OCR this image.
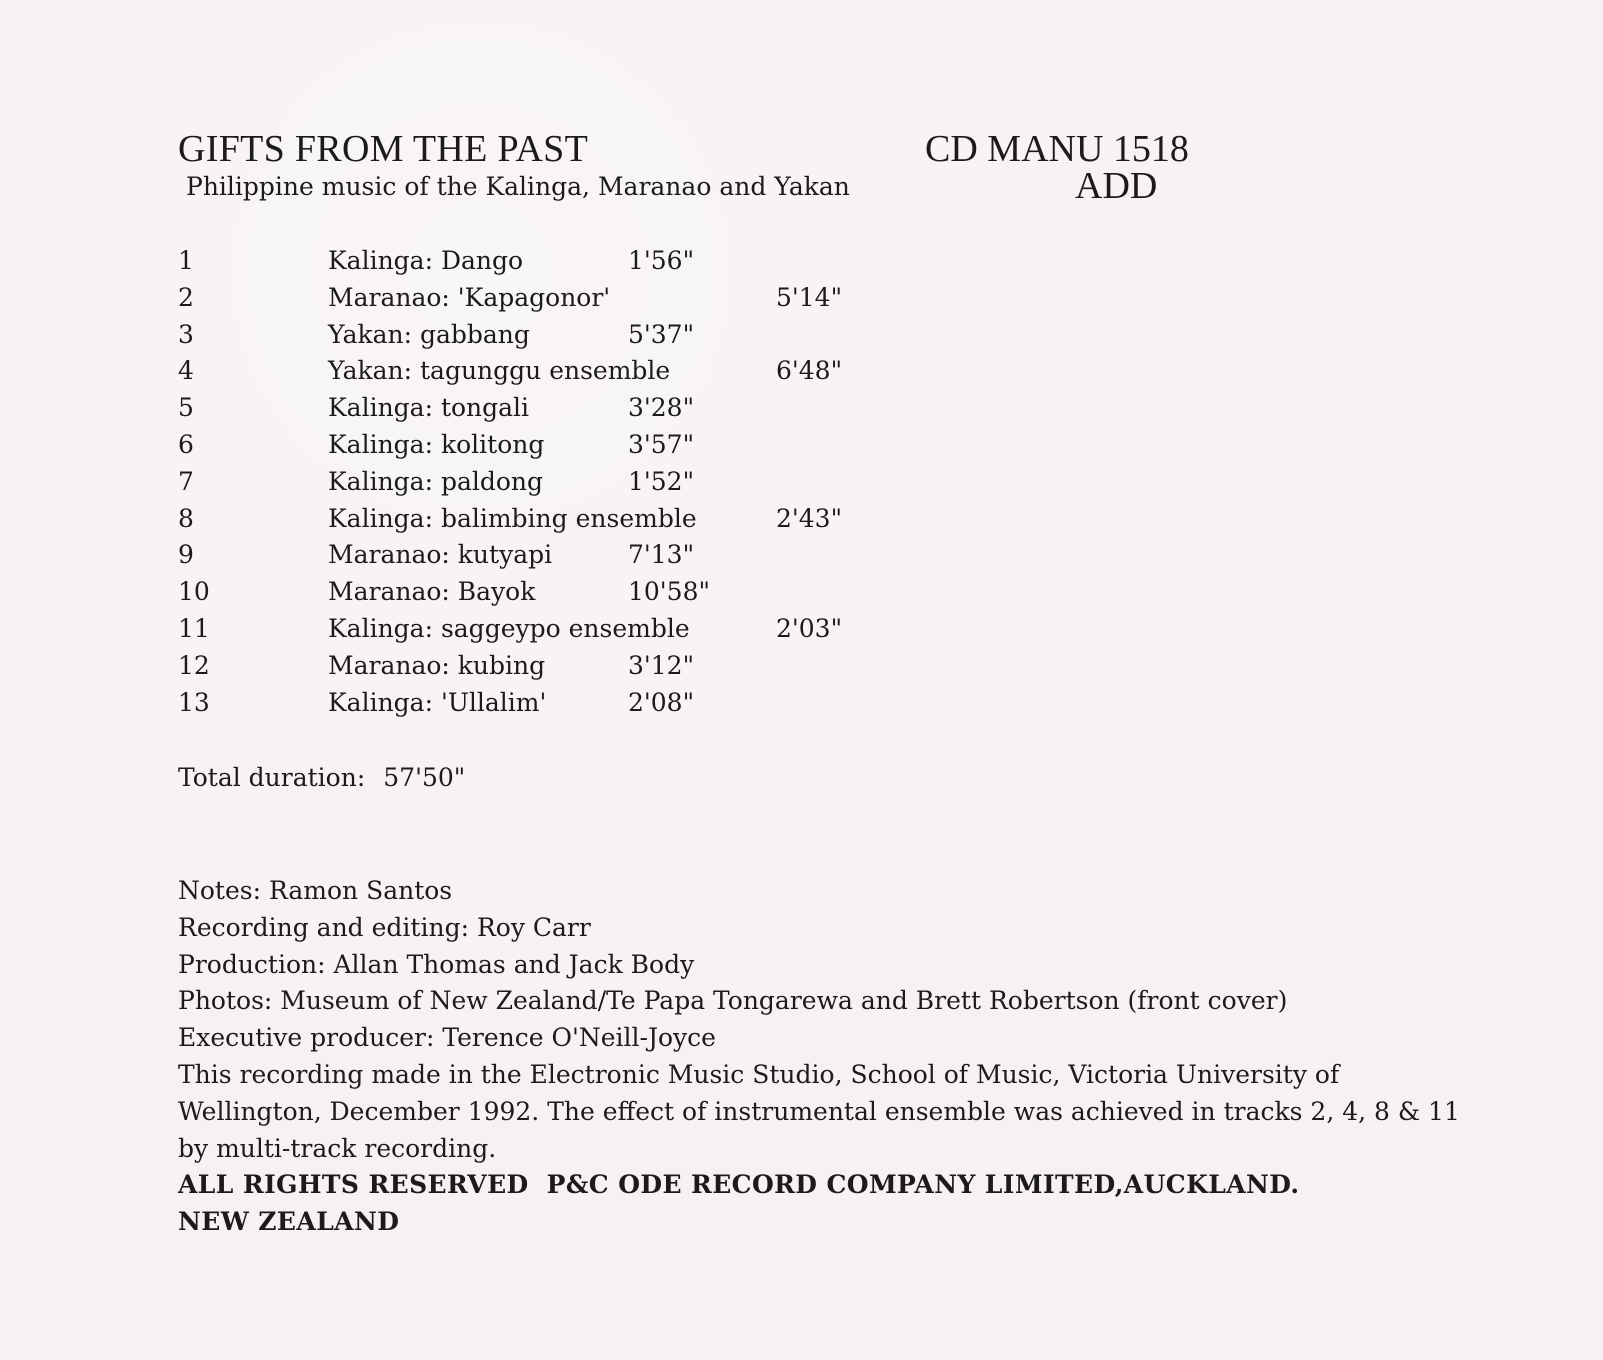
GIFTS FROM THE PAST
Philippine music of the Kalinga, Maranao and Yakan
CD MANU 1518
ADD
1	Kalinga: Dango	1'56"
2	Maranao: 'Kapagonor'	5'14"
3	Yakan: gabbang	5'37"
4	Yakan: tagunggu ensemble	6'48"
5	Kalinga: tongali	3'28"
6	Kalinga: kolitong	3'57"
7	Kalinga: paldong	1'52"
8	Kalinga: balimbing ensemble	2'43"
9	Maranao: kutyapi	7'13"
10	Maranao: Bayok	10'58"
11	Kalinga: saggeypo ensemble	2'03"
12	Maranao: kubing	3'12"
13	Kalinga: 'Ullalim'	2'08"
Total duration: 57'50"
Notes: Ramon Santos
Recording and editing: Roy Carr
Production: Allan Thomas and Jack Body
Photos: Museum of New Zealand/Te Papa Tongarewa and Brett Robertson (front cover)
Executive producer: Terence O'Neill-Joyce
This recording made in the Electronic Music Studio, School of Music, Victoria University of Wellington, December 1992. The effect of instrumental ensemble was achieved in tracks 2, 4, 8 & 11 by multi-track recording.
ALL RIGHTS RESERVED P&C ODE RECORD COMPANY LIMITED,AUCKLAND.
NEW ZEALAND
